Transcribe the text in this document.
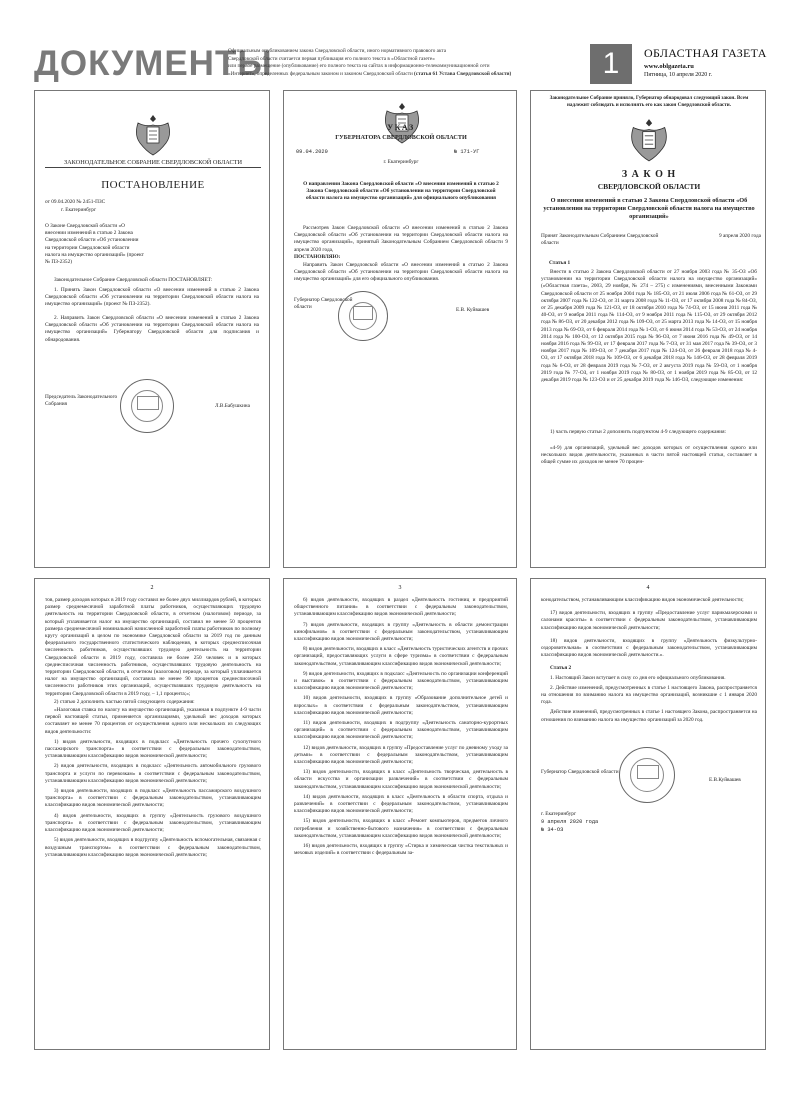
ДОКУМЕНТЫ
Официальным опубликованием закона Свердловской области, иного нормативного правового акта
Свердловской области считается первая публикация его полного текста в «Областной газете»
или первое размещение (опубликование) его полного текста на сайтах в информационно-телекоммуникационной сети
«Интернет», определенных федеральным законом и законом Свердловской области (статья 61 Устава Свердловской области)	1	ОБЛАСТНАЯ ГАЗЕТА
www.oblgazeta.ru
Пятница, 10 апреля 2020 г.
ЗАКОНОДАТЕЛЬНОЕ СОБРАНИЕ СВЕРДЛОВСКОЙ ОБЛАСТИ
ПОСТАНОВЛЕНИЕ
от 09.04.2020 № 2451-ПЗС
г. Екатеринбург
О Законе Свердловской области «О внесении изменений в статью 2 Закона Свердловской области «Об установлении на территории Свердловской области налога на имущество организаций» (проект № ПЗ-2352)
Законодательное Собрание Свердловской области ПОСТАНОВЛЯЕТ:
1. Принять Закон Свердловской области «О внесении изменений в статью 2 Закона Свердловской области «Об установлении на территории Свердловской области налога на имущество организаций» (проект № ПЗ-2352).
2. Направить Закон Свердловской области «О внесении изменений в статью 2 Закона Свердловской области «Об установлении на территории Свердловской области налога на имущество организаций» Губернатору Свердловской области для подписания и обнародования.
Председатель Законодательного Собрания	Л.В.Бабушкина
УКАЗ
ГУБЕРНАТОРА СВЕРДЛОВСКОЙ ОБЛАСТИ
09.04.2020	№ 171-УГ
г. Екатеринбург
О направлении Закона Свердловской области «О внесении изменений в статью 2 Закона Свердловской области «Об установлении на территории Свердловской области налога на имущество организаций» для официального опубликования
Рассмотрев Закон Свердловской области «О внесении изменений в статью 2 Закона Свердловской области «Об установлении на территории Свердловской области налога на имущество организаций», принятый Законодательным Собранием Свердловской области 9 апреля 2020 года,
ПОСТАНОВЛЯЮ:
Направить Закон Свердловской области «О внесении изменений в статью 2 Закона Свердловской области «Об установлении на территории Свердловской области налога на имущество организаций» для его официального опубликования.
Губернатор Свердловской области	Е.В. Куйвашев
Законодательное Собрание приняло, Губернатор обнародовал следующий закон. Всем надлежит соблюдать и исполнять его как закон Свердловской области.
З А К О Н
СВЕРДЛОВСКОЙ ОБЛАСТИ
О внесении изменений в статью 2 Закона Свердловской области «Об установлении на территории Свердловской области налога на имущество организаций»
Принят Законодательным Собранием Свердловской области
9 апреля 2020 года
Статья 1
Внести в статью 2 Закона Свердловской области от 27 ноября 2003 года № 35-ОЗ «Об установлении на территории Свердловской области налога на имущество организаций» («Областная газета», 2003, 29 ноября, № 274 – 275) с изменениями, внесенными Законами Свердловской области от 25 ноября 2004 года № 185-ОЗ, от 21 июля 2006 года № 61-ОЗ, от 29 октября 2007 года № 122-ОЗ, от 31 марта 2008 года № 11-ОЗ, от 17 октября 2008 года № 84-ОЗ, от 25 декабря 2009 года № 121-ОЗ, от 18 октября 2010 года № 74-ОЗ, от 15 июня 2011 года № 40-ОЗ, от 9 ноября 2011 года № 114-ОЗ, от 9 ноября 2011 года № 115-ОЗ, от 29 октября 2012 года № 86-ОЗ, от 20 декабря 2012 года № 109-ОЗ, от 25 марта 2013 года № 14-ОЗ, от 15 ноября 2013 года № 69-ОЗ, от 6 февраля 2014 года № 1-ОЗ, от 6 июня 2014 года № 53-ОЗ, от 24 ноября 2014 года № 100-ОЗ, от 12 октября 2015 года № 96-ОЗ, от 7 июня 2016 года № 49-ОЗ, от 14 ноября 2016 года № 99-ОЗ, от 17 февраля 2017 года № 7-ОЗ, от 31 мая 2017 года № 39-ОЗ, от 3 ноября 2017 года № 109-ОЗ, от 7 декабря 2017 года № 124-ОЗ, от 26 февраля 2018 года № 4-ОЗ, от 17 октября 2018 года № 109-ОЗ, от 6 декабря 2018 года № 146-ОЗ, от 28 февраля 2019 года № 6-ОЗ, от 28 февраля 2019 года № 7-ОЗ, от 2 августа 2019 года № 59-ОЗ, от 1 ноября 2019 года № 77-ОЗ, от 1 ноября 2019 года № 80-ОЗ, от 1 ноября 2019 года № 85-ОЗ, от 12 декабря 2019 года № 123-ОЗ и от 25 декабря 2019 года № 146-ОЗ, следующие изменения:
1) часть первую статьи 2 дополнить подпунктом 4-9 следующего содержания:
«4-9) для организаций, удельный вес доходов которых от осуществления одного или нескольких видов деятельности, указанных в части пятой настоящей статьи, составляет в общей сумме их доходов не менее 70 процен-
2
тов, размер доходов которых в 2019 году составил не более двух миллиардов рублей, в которых размер среднемесячной заработной платы работников, осуществляющих трудовую деятельность на территории Свердловской области, в отчетном (налоговом) периоде, за который уплачивается налог на имущество организаций, составил не менее 50 процентов размера среднемесячной номинальной начисленной заработной платы работников по полному кругу организаций в целом по экономике Свердловской области за 2019 год по данным федерального государственного статистического наблюдения, в которых среднесписочная численность работников, осуществлявших трудовую деятельность на территории Свердловской области в 2019 году, составила не более 250 человек и в которых среднесписочная численность работников, осуществлявших трудовую деятельность на территории Свердловской области, в отчетном (налоговом) периоде, за который уплачивается налог на имущество организаций, составила не менее 90 процентов среднесписочной численности работников этих организаций, осуществлявших трудовую деятельность на территории Свердловской области в 2019 году, – 1,1 процента;»;
2) статью 2 дополнить частью пятой следующего содержания:
«Налоговая ставка по налогу на имущество организаций, указанная в подпункте 4-9 части первой настоящей статьи, применяется организациями, удельный вес доходов которых составляет не менее 70 процентов от осуществления одного или нескольких из следующих видов деятельности:
1) видов деятельности, входящих в подкласс «Деятельность прочего сухопутного пассажирского транспорта» в соответствии с федеральным законодательством, устанавливающим классификацию видов экономической деятельности;
2) видов деятельности, входящих в подкласс «Деятельность автомобильного грузового транспорта и услуги по перевозкам» в соответствии с федеральным законодательством, устанавливающим классификацию видов экономической деятельности;
3) видов деятельности, входящих в подкласс «Деятельность пассажирского воздушного транспорта» в соответствии с федеральным законодательством, устанавливающим классификацию видов экономической деятельности;
4) видов деятельности, входящих в группу «Деятельность грузового воздушного транспорта» в соответствии с федеральным законодательством, устанавливающим классификацию видов экономической деятельности;
5) видов деятельности, входящих в подгруппу «Деятельность вспомогательная, связанная с воздушным транспортом» в соответствии с федеральным законодательством, устанавливающим классификацию видов экономической деятельности;
3
6) видов деятельности, входящих в раздел «Деятельность гостиниц и предприятий общественного питания» в соответствии с федеральным законодательством, устанавливающим классификацию видов экономической деятельности;
7) видов деятельности, входящих в группу «Деятельность в области демонстрации кинофильмов» в соответствии с федеральным законодательством, устанавливающим классификацию видов экономической деятельности;
8) видов деятельности, входящих в класс «Деятельность туристических агентств и прочих организаций, предоставляющих услуги в сфере туризма» в соответствии с федеральным законодательством, устанавливающим классификацию видов экономической деятельности;
9) видов деятельности, входящих в подкласс «Деятельность по организации конференций и выставок» в соответствии с федеральным законодательством, устанавливающим классификацию видов экономической деятельности;
10) видов деятельности, входящих в группу «Образование дополнительное детей и взрослых» в соответствии с федеральным законодательством, устанавливающим классификацию видов экономической деятельности;
11) видов деятельности, входящих в подгруппу «Деятельность санаторно-курортных организаций» в соответствии с федеральным законодательством, устанавливающим классификацию видов экономической деятельности;
12) видов деятельности, входящих в группу «Предоставление услуг по дневному уходу за детьми» в соответствии с федеральным законодательством, устанавливающим классификацию видов экономической деятельности;
13) видов деятельности, входящих в класс «Деятельность творческая, деятельность в области искусства и организации развлечений» в соответствии с федеральным законодательством, устанавливающим классификацию видов экономической деятельности;
14) видов деятельности, входящих в класс «Деятельность в области спорта, отдыха и развлечений» в соответствии с федеральным законодательством, устанавливающим классификацию видов экономической деятельности;
15) видов деятельности, входящих в класс «Ремонт компьютеров, предметов личного потребления и хозяйственно-бытового назначения» в соответствии с федеральным законодательством, устанавливающим классификацию видов экономической деятельности;
16) видов деятельности, входящих в группу «Стирка и химическая чистка текстильных и меховых изделий» в соответствии с федеральным за-
4
конодательством, устанавливающим классификацию видов экономической деятельности;
17) видов деятельности, входящих в группу «Предоставление услуг парикмахерскими и салонами красоты» в соответствии с федеральным законодательством, устанавливающим классификацию видов экономической деятельности;
18) видов деятельности, входящих в группу «Деятельность физкультурно-оздоровительная» в соответствии с федеральным законодательством, устанавливающим классификацию видов экономической деятельности.».
Статья 2
1. Настоящий Закон вступает в силу со дня его официального опубликования.
2. Действие изменений, предусмотренных в статье 1 настоящего Закона, распространяется на отношения по взиманию налога на имущество организаций, возникшие с 1 января 2020 года.
Действие изменений, предусмотренных в статье 1 настоящего Закона, распространяется на отношения по взиманию налога на имущество организаций за 2020 год.
Губернатор Свердловской области
Е.В.Куйвашев
г. Екатеринбург
9 апреля 2020 года
№ 34-ОЗ
